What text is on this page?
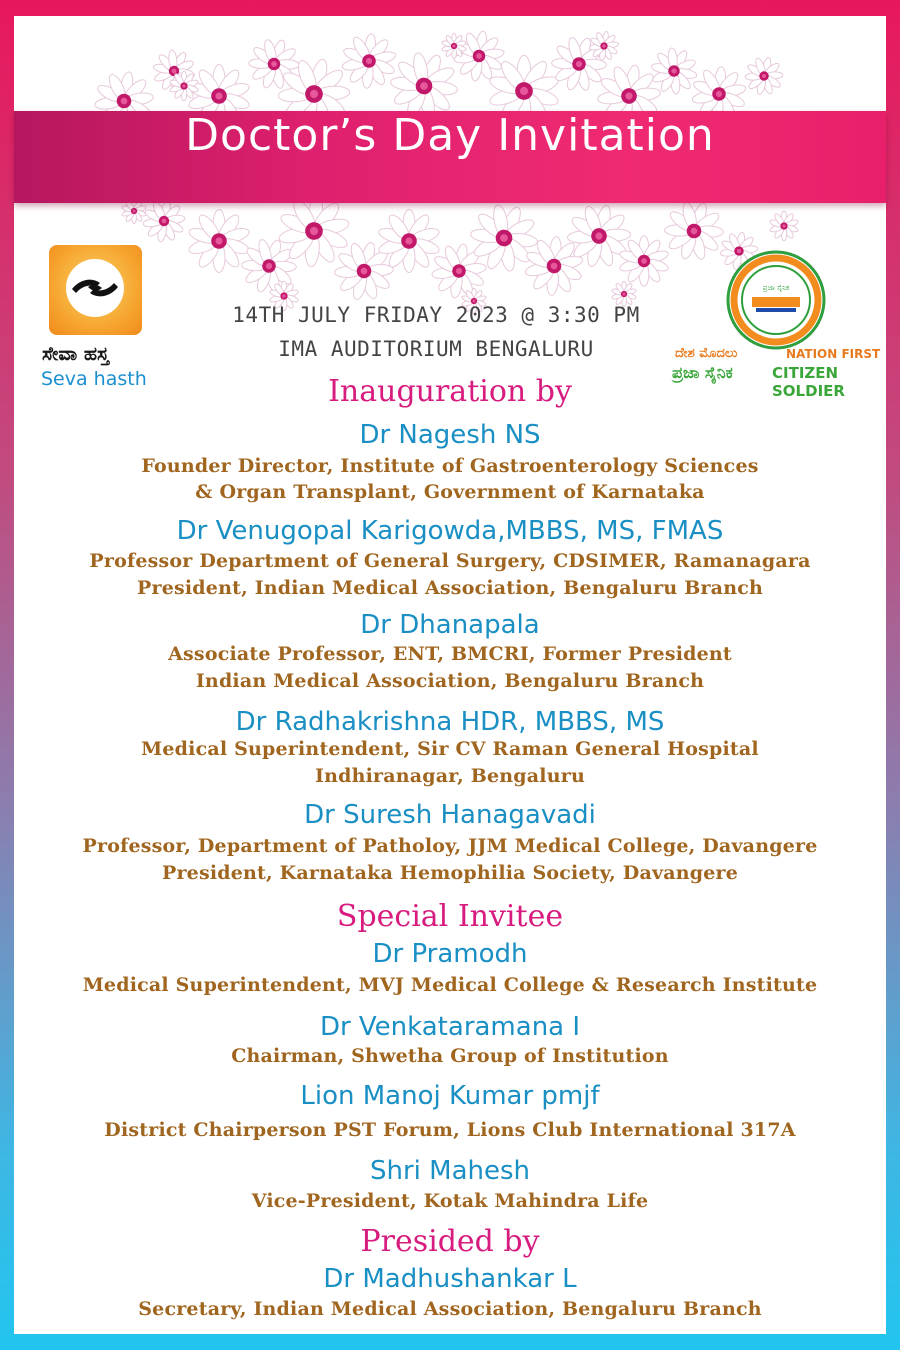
Doctor’s Day Invitation
ಸೇವಾ ಹಸ್ತ
Seva hasth
ಪ್ರಜಾ ಸೈನಿಕ
ದೇಶ ಮೊದಲು	NATION FIRST
ಪ್ರಜಾ ಸೈನಿಕ	CITIZEN SOLDIER
14TH JULY FRIDAY 2023 @ 3:30 PM
IMA AUDITORIUM BENGALURU
Inauguration by
Dr Nagesh NS
Founder Director, Institute of Gastroenterology Sciences
& Organ Transplant, Government of Karnataka
Dr Venugopal Karigowda,MBBS, MS, FMAS
Professor Department of General Surgery, CDSIMER, Ramanagara
President, Indian Medical Association, Bengaluru Branch
Dr Dhanapala
Associate Professor, ENT, BMCRI, Former President
Indian Medical Association, Bengaluru Branch
Dr Radhakrishna HDR, MBBS, MS
Medical Superintendent, Sir CV Raman General Hospital
Indhiranagar, Bengaluru
Dr Suresh Hanagavadi
Professor, Department of Patholoy, JJM Medical College, Davangere
President, Karnataka Hemophilia Society, Davangere
Special Invitee
Dr Pramodh
Medical Superintendent, MVJ Medical College & Research Institute
Dr Venkataramana I
Chairman, Shwetha Group of Institution
Lion Manoj Kumar pmjf
District Chairperson PST Forum, Lions Club International 317A
Shri Mahesh
Vice-President, Kotak Mahindra Life
Presided by
Dr Madhushankar L
Secretary, Indian Medical Association, Bengaluru Branch
